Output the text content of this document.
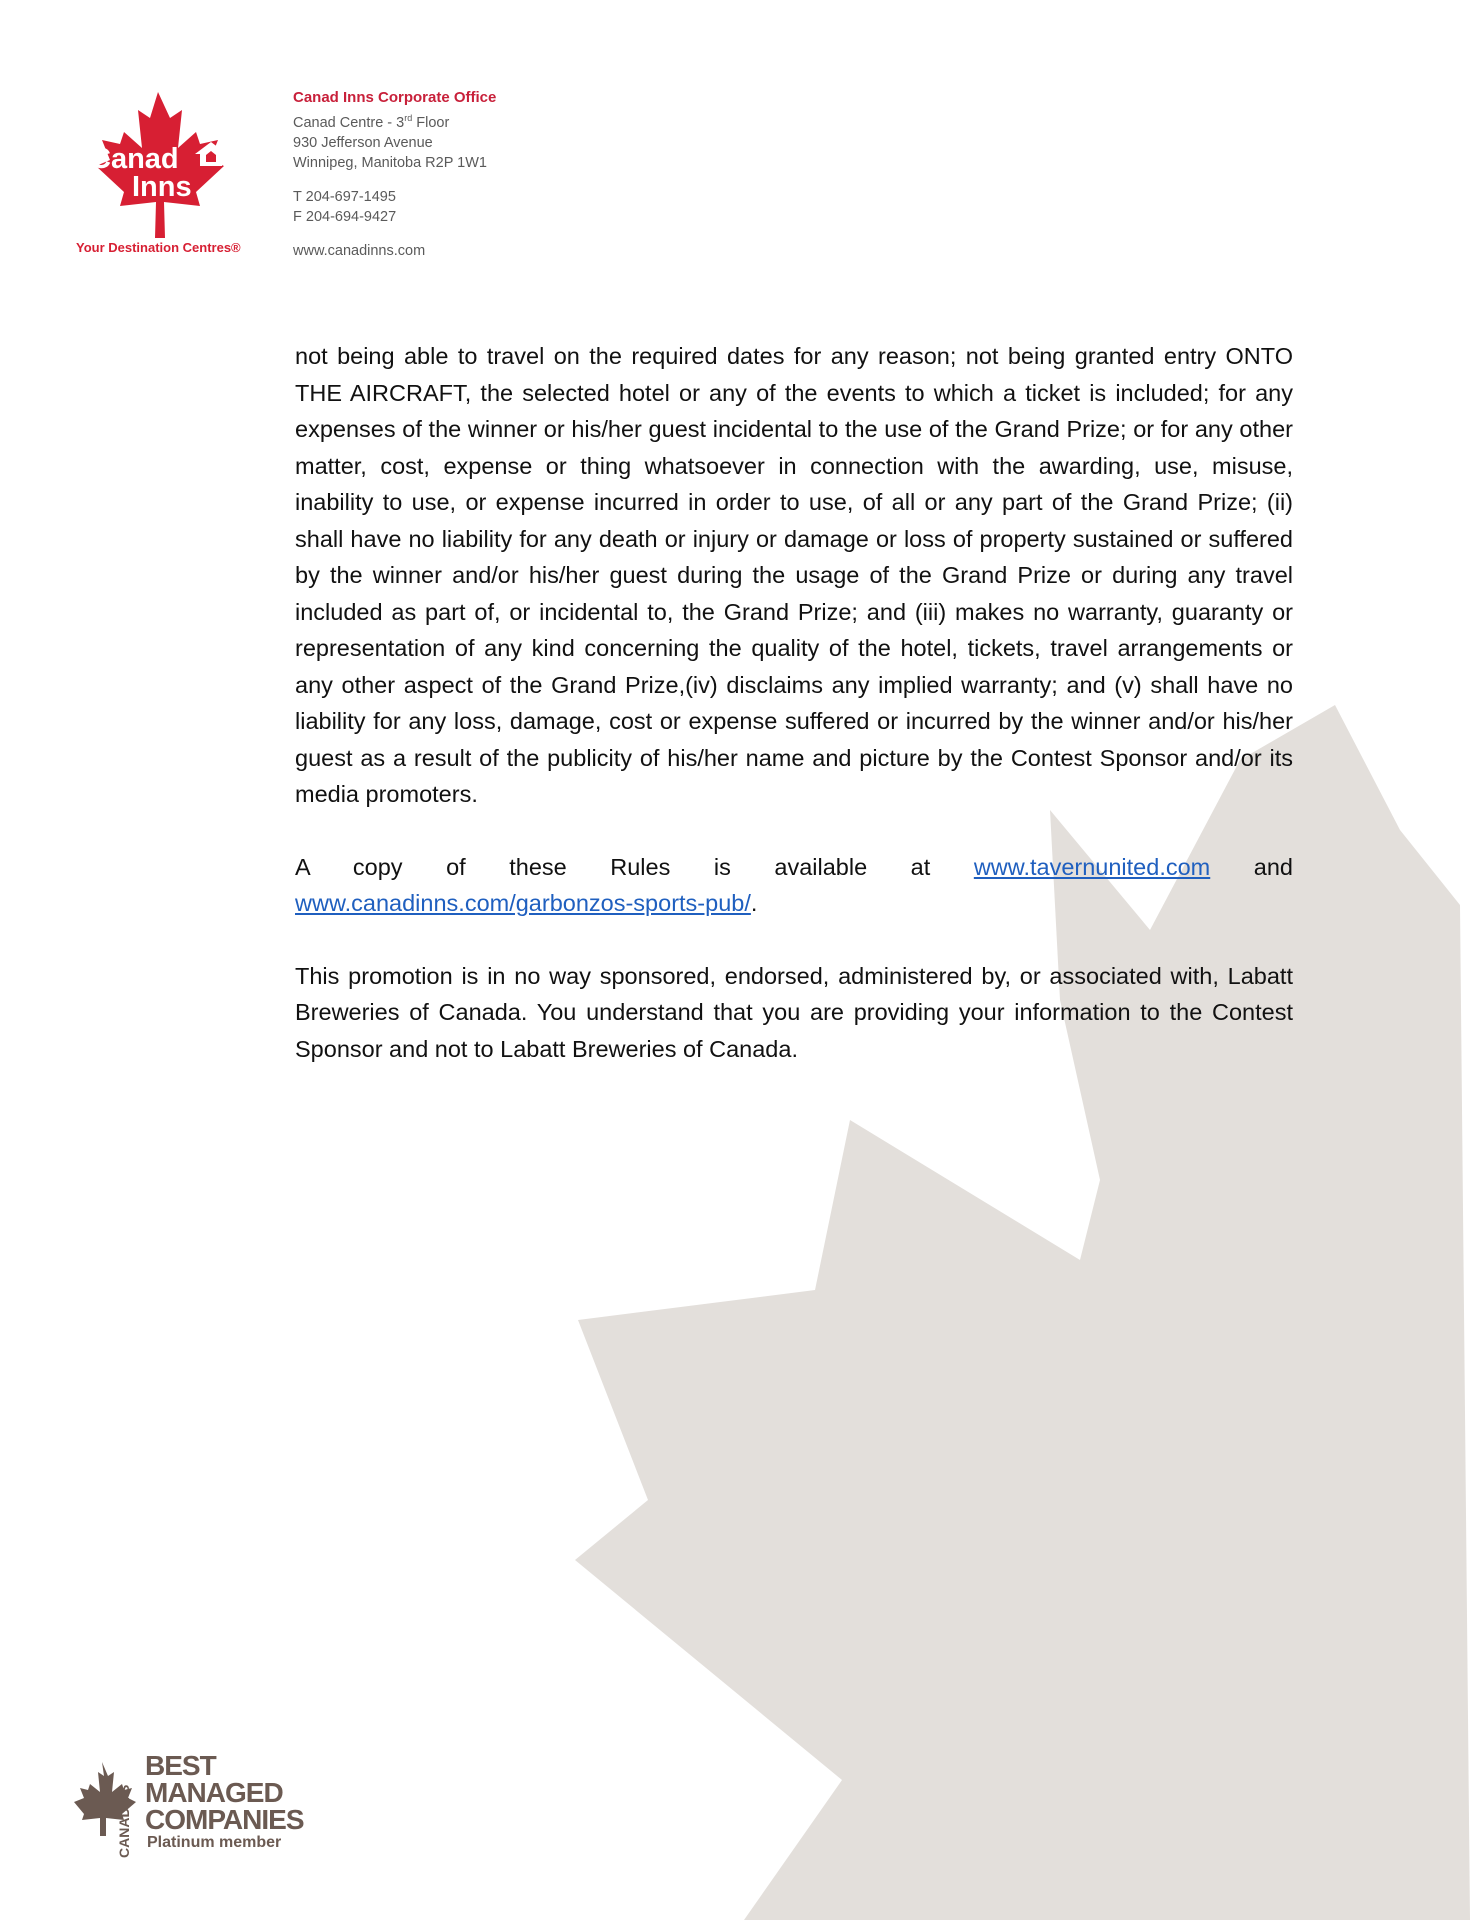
Canad
Inns
Your Destination Centres®
Canad Inns Corporate Office
Canad Centre - 3rd Floor
930 Jefferson Avenue
Winnipeg, Manitoba R2P 1W1
T 204-697-1495
F 204-694-9427
www.canadinns.com

not being able to travel on the required dates for any reason; not being granted entry ONTO THE AIRCRAFT, the selected hotel or any of the events to which a ticket is included; for any expenses of the winner or his/her guest incidental to the use of the Grand Prize; or for any other matter, cost, expense or thing whatsoever in connection with the awarding, use, misuse, inability to use, or expense incurred in order to use, of all or any part of the Grand Prize; (ii) shall have no liability for any death or injury or damage or loss of property sustained or suffered by the winner and/or his/her guest during the usage of the Grand Prize or during any travel included as part of, or incidental to, the Grand Prize; and (iii) makes no warranty, guaranty or representation of any kind concerning the quality of the hotel, tickets, travel arrangements or any other aspect of the Grand Prize,(iv) disclaims any implied warranty; and (v) shall have no liability for any loss, damage, cost or expense suffered or incurred by the winner and/or his/her guest as a result of the publicity of his/her name and picture by the Contest Sponsor and/or its media promoters.

A copy of these Rules is available at www.tavernunited.com and www.canadinns.com/garbonzos-sports-pub/.

This promotion is in no way sponsored, endorsed, administered by, or associated with, Labatt Breweries of Canada. You understand that you are providing your information to the Contest Sponsor and not to Labatt Breweries of Canada.

CANADA'S
BEST
MANAGED
COMPANIES
Platinum member
